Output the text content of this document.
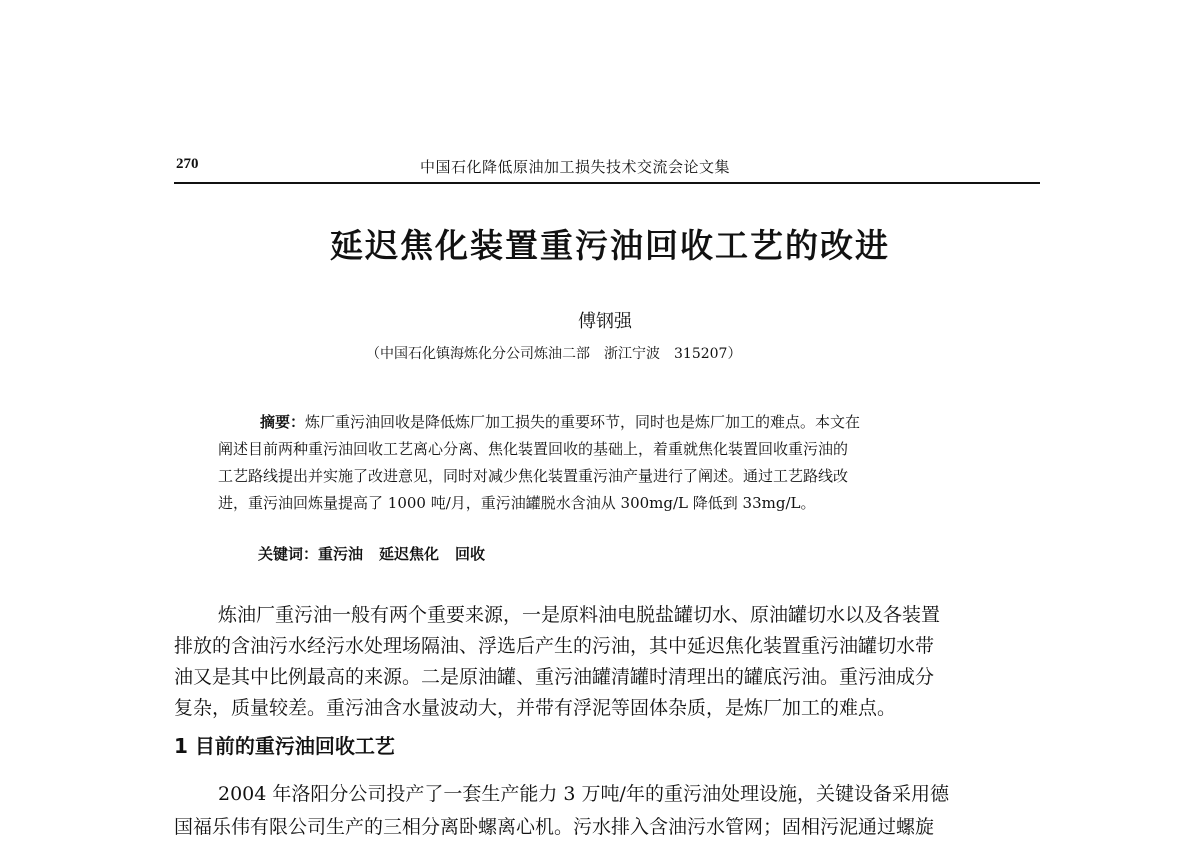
270	中国石化降低原油加工损失技术交流会论文集
延迟焦化装置重污油回收工艺的改进
傅钢强
（中国石化镇海炼化分公司炼油二部　浙江宁波　315207）
摘要：炼厂重污油回收是降低炼厂加工损失的重要环节，同时也是炼厂加工的难点。本文在
阐述目前两种重污油回收工艺离心分离、焦化装置回收的基础上，着重就焦化装置回收重污油的
工艺路线提出并实施了改进意见，同时对减少焦化装置重污油产量进行了阐述。通过工艺路线改
进，重污油回炼量提高了 1000 吨/月，重污油罐脱水含油从 300mg/L 降低到 33mg/L。
关键词：重污油 延迟焦化 回收
炼油厂重污油一般有两个重要来源，一是原料油电脱盐罐切水、原油罐切水以及各装置
排放的含油污水经污水处理场隔油、浮选后产生的污油，其中延迟焦化装置重污油罐切水带
油又是其中比例最高的来源。二是原油罐、重污油罐清罐时清理出的罐底污油。重污油成分
复杂，质量较差。重污油含水量波动大，并带有浮泥等固体杂质，是炼厂加工的难点。
1 目前的重污油回收工艺
2004 年洛阳分公司投产了一套生产能力 3 万吨/年的重污油处理设施，关键设备采用德
国福乐伟有限公司生产的三相分离卧螺离心机。污水排入含油污水管网；固相污泥通过螺旋
